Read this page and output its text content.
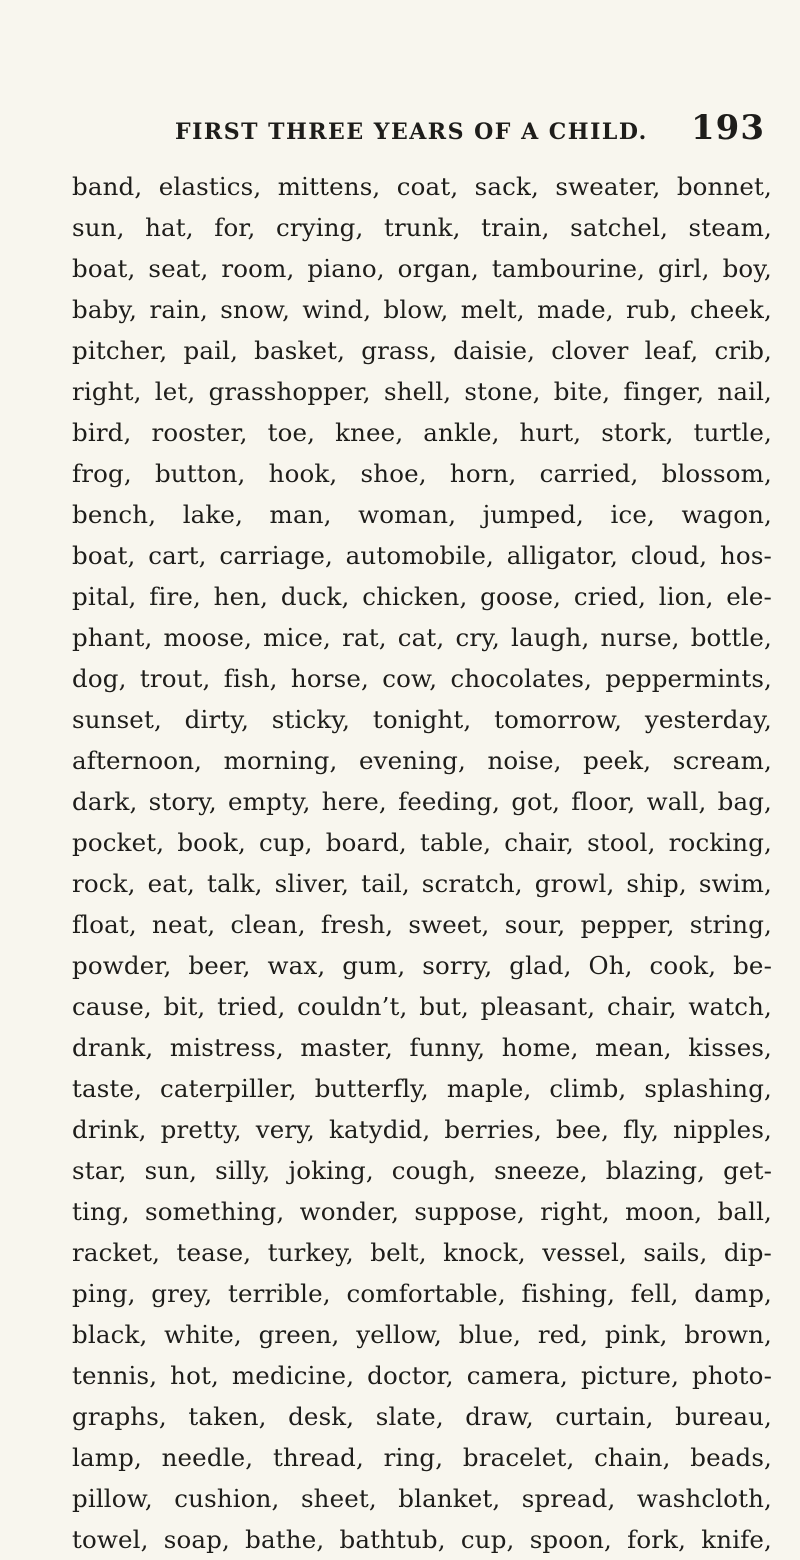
FIRST THREE YEARS OF A CHILD. 193
band, elastics, mittens, coat, sack, sweater, bonnet,
sun, hat, for, crying, trunk, train, satchel, steam,
boat, seat, room, piano, organ, tambourine, girl, boy,
baby, rain, snow, wind, blow, melt, made, rub, cheek,
pitcher, pail, basket, grass, daisie, clover leaf, crib,
right, let, grasshopper, shell, stone, bite, finger, nail,
bird, rooster, toe, knee, ankle, hurt, stork, turtle,
frog, button, hook, shoe, horn, carried, blossom,
bench, lake, man, woman, jumped, ice, wagon,
boat, cart, carriage, automobile, alligator, cloud, hos-
pital, fire, hen, duck, chicken, goose, cried, lion, ele-
phant, moose, mice, rat, cat, cry, laugh, nurse, bottle,
dog, trout, fish, horse, cow, chocolates, peppermints,
sunset, dirty, sticky, tonight, tomorrow, yesterday,
afternoon, morning, evening, noise, peek, scream,
dark, story, empty, here, feeding, got, floor, wall, bag,
pocket, book, cup, board, table, chair, stool, rocking,
rock, eat, talk, sliver, tail, scratch, growl, ship, swim,
float, neat, clean, fresh, sweet, sour, pepper, string,
powder, beer, wax, gum, sorry, glad, Oh, cook, be-
cause, bit, tried, couldn’t, but, pleasant, chair, watch,
drank, mistress, master, funny, home, mean, kisses,
taste, caterpiller, butterfly, maple, climb, splashing,
drink, pretty, very, katydid, berries, bee, fly, nipples,
star, sun, silly, joking, cough, sneeze, blazing, get-
ting, something, wonder, suppose, right, moon, ball,
racket, tease, turkey, belt, knock, vessel, sails, dip-
ping, grey, terrible, comfortable, fishing, fell, damp,
black, white, green, yellow, blue, red, pink, brown,
tennis, hot, medicine, doctor, camera, picture, photo-
graphs, taken, desk, slate, draw, curtain, bureau,
lamp, needle, thread, ring, bracelet, chain, beads,
pillow, cushion, sheet, blanket, spread, washcloth,
towel, soap, bathe, bathtub, cup, spoon, fork, knife,
